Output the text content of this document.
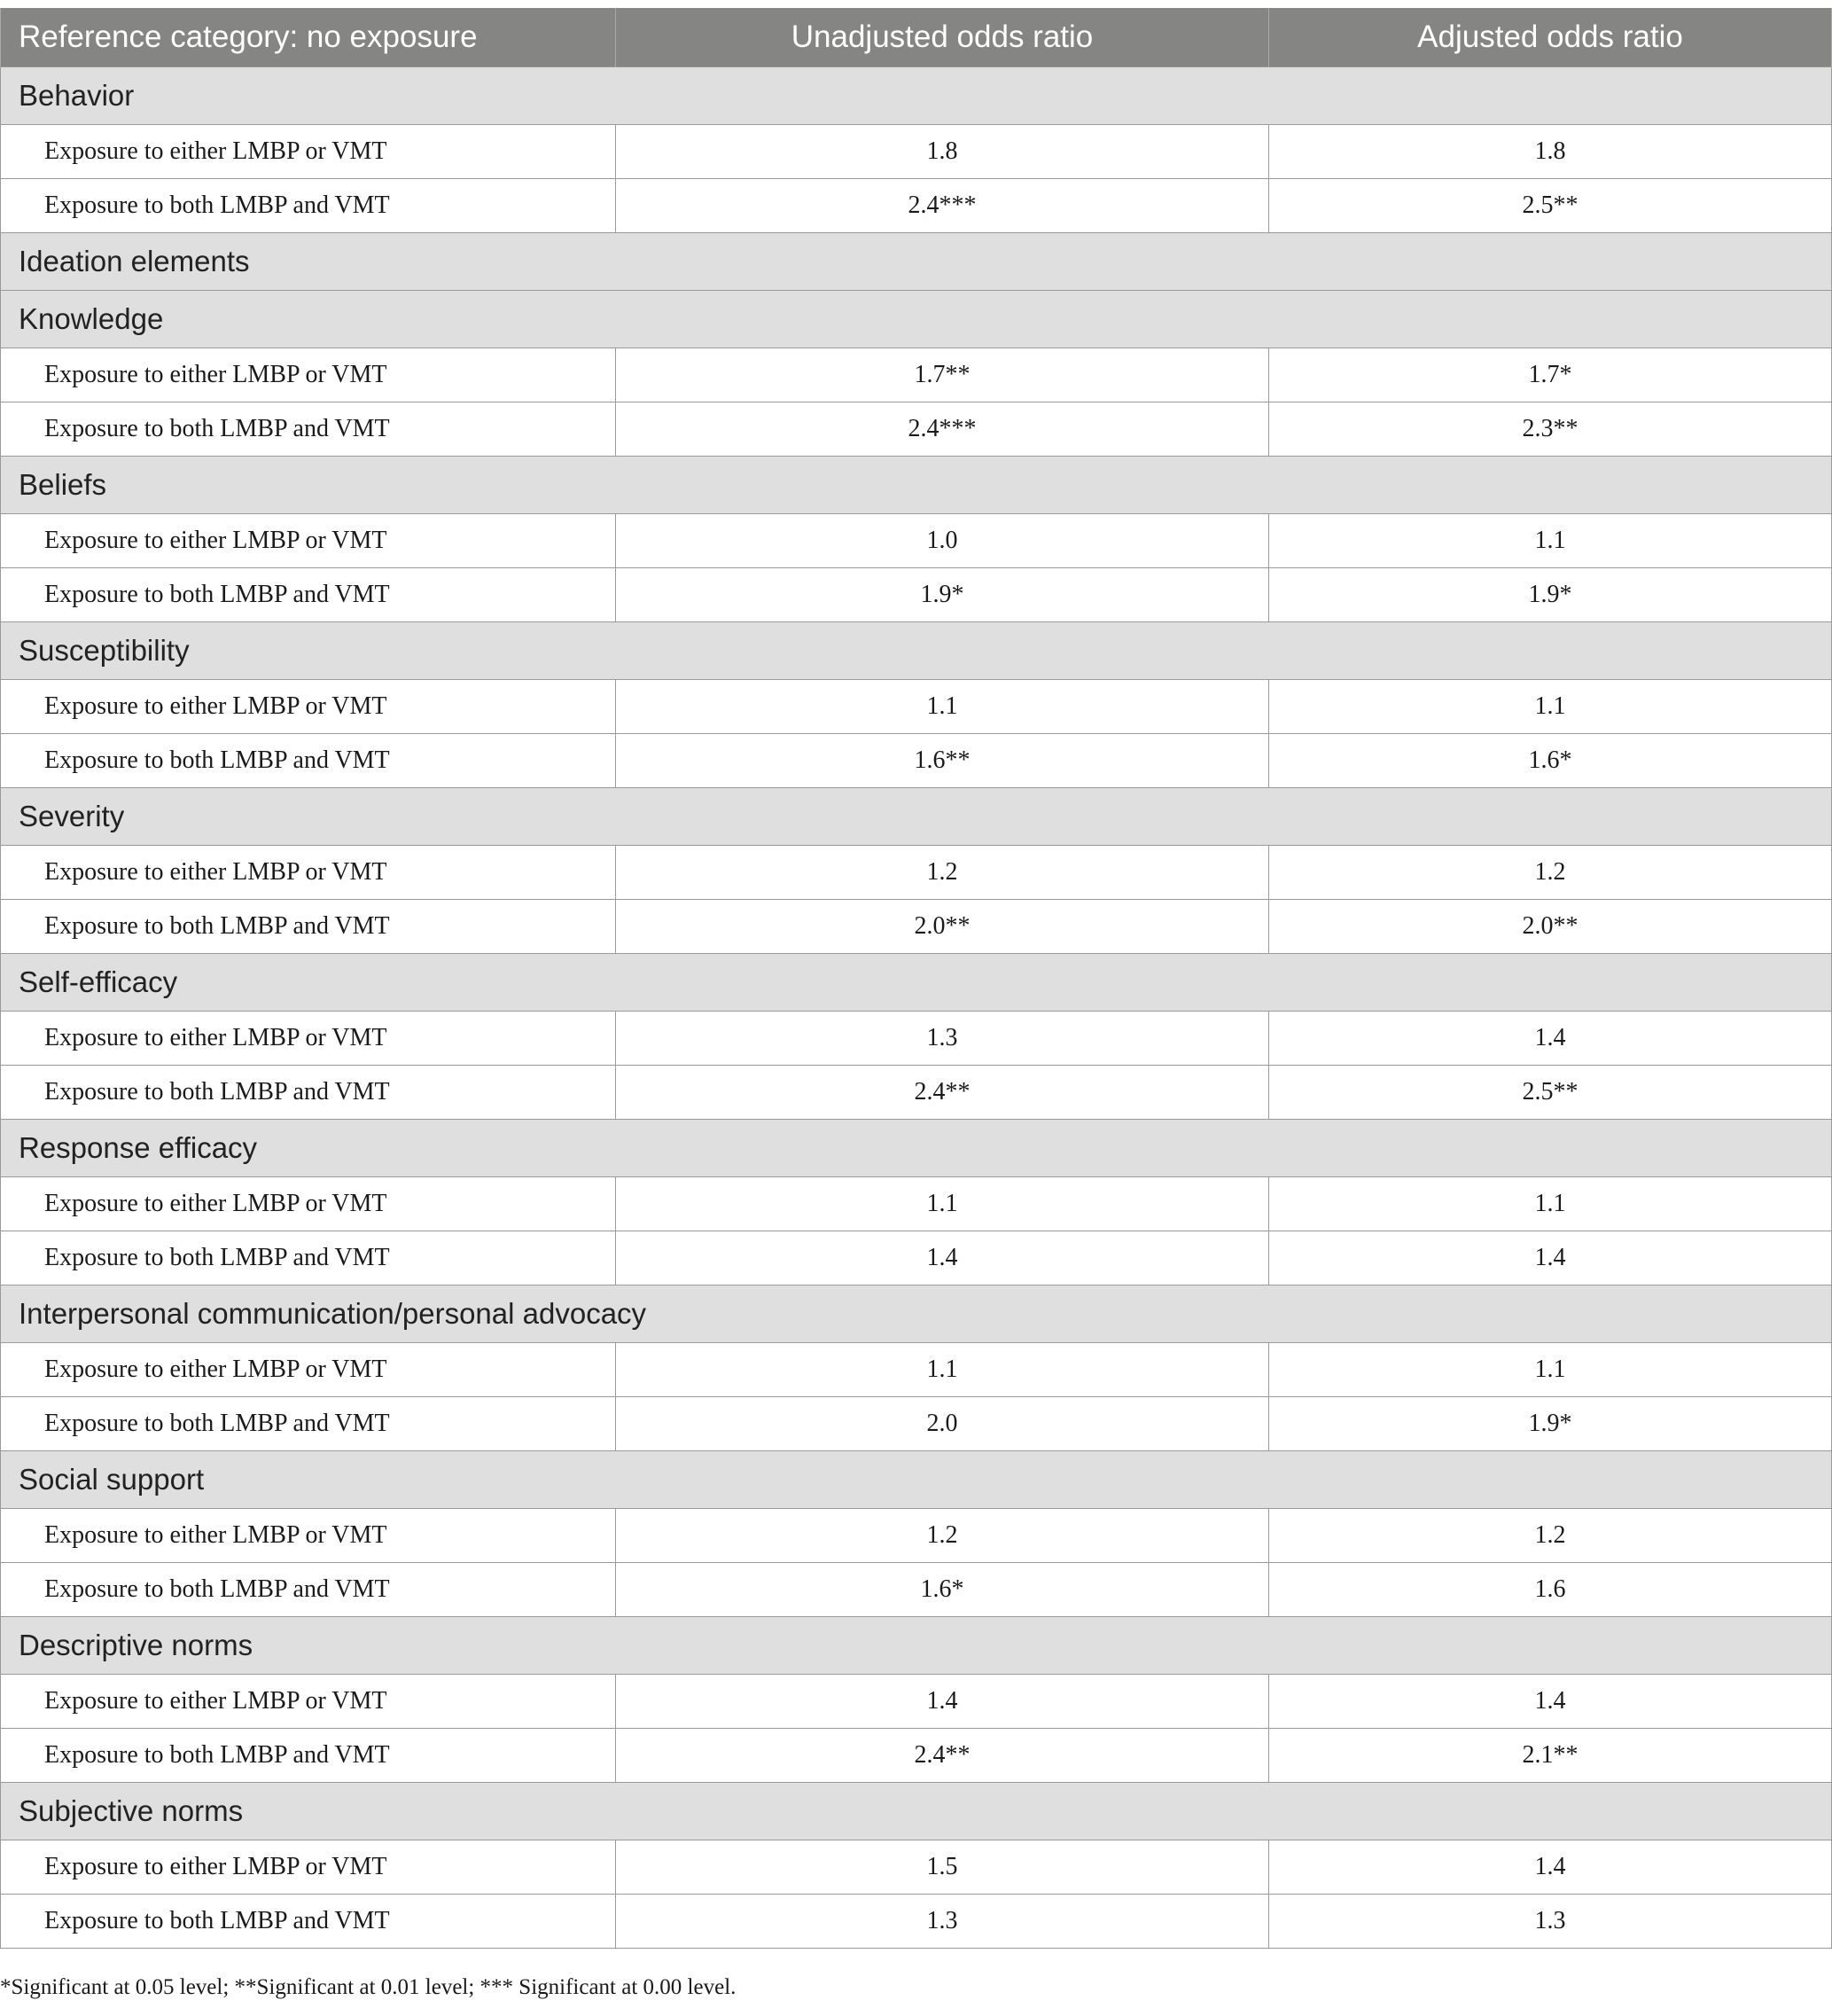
Reference category: no exposure	Unadjusted odds ratio	Adjusted odds ratio
Behavior		
Exposure to either LMBP or VMT	1.8	1.8
Exposure to both LMBP and VMT	2.4***	2.5**
Ideation elements		
Knowledge		
Exposure to either LMBP or VMT	1.7**	1.7*
Exposure to both LMBP and VMT	2.4***	2.3**
Beliefs		
Exposure to either LMBP or VMT	1.0	1.1
Exposure to both LMBP and VMT	1.9*	1.9*
Susceptibility		
Exposure to either LMBP or VMT	1.1	1.1
Exposure to both LMBP and VMT	1.6**	1.6*
Severity		
Exposure to either LMBP or VMT	1.2	1.2
Exposure to both LMBP and VMT	2.0**	2.0**
Self-efficacy		
Exposure to either LMBP or VMT	1.3	1.4
Exposure to both LMBP and VMT	2.4**	2.5**
Response efficacy		
Exposure to either LMBP or VMT	1.1	1.1
Exposure to both LMBP and VMT	1.4	1.4
Interpersonal communication/personal advocacy		
Exposure to either LMBP or VMT	1.1	1.1
Exposure to both LMBP and VMT	2.0	1.9*
Social support		
Exposure to either LMBP or VMT	1.2	1.2
Exposure to both LMBP and VMT	1.6*	1.6
Descriptive norms		
Exposure to either LMBP or VMT	1.4	1.4
Exposure to both LMBP and VMT	2.4**	2.1**
Subjective norms		
Exposure to either LMBP or VMT	1.5	1.4
Exposure to both LMBP and VMT	1.3	1.3
*Significant at 0.05 level; **Significant at 0.01 level; *** Significant at 0.00 level.
